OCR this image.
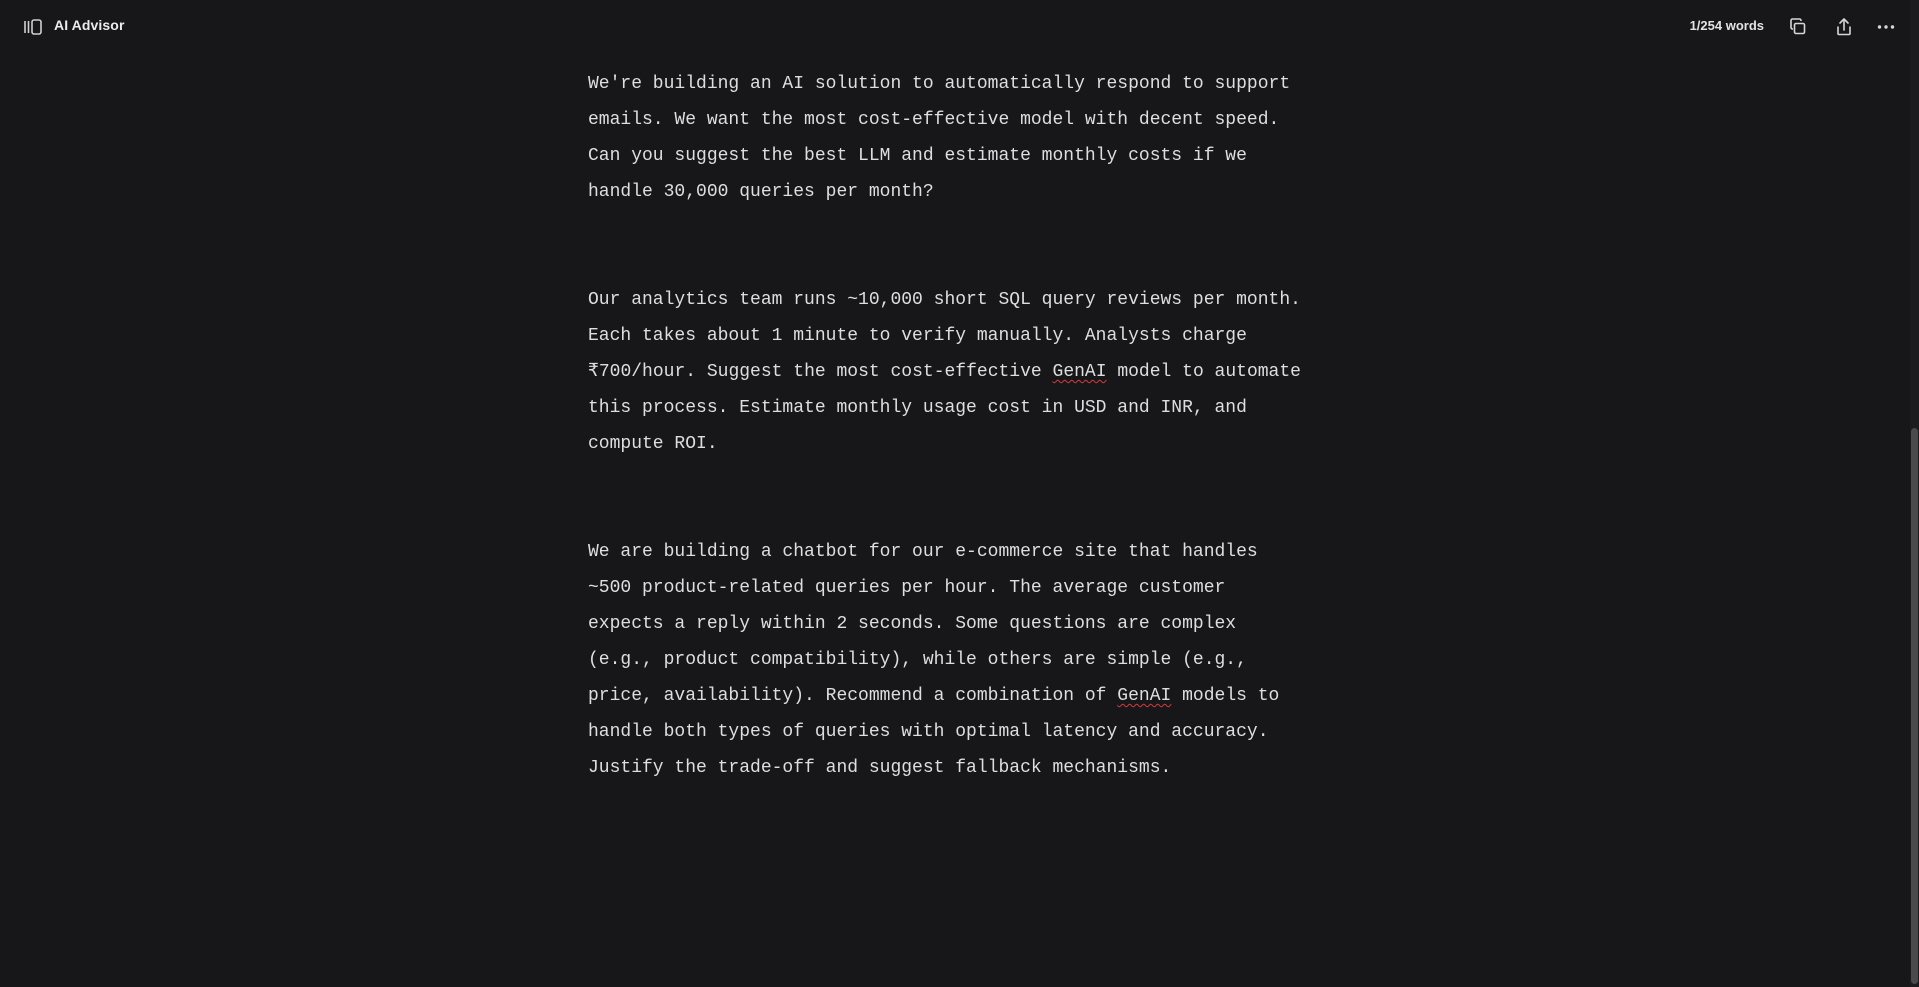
AI Advisor	1/254 words

We're building an AI solution to automatically respond to support
emails. We want the most cost-effective model with decent speed.
Can you suggest the best LLM and estimate monthly costs if we
handle 30,000 queries per month?

Our analytics team runs ~10,000 short SQL query reviews per month.
Each takes about 1 minute to verify manually. Analysts charge
₹700/hour. Suggest the most cost-effective GenAI model to automate
this process. Estimate monthly usage cost in USD and INR, and
compute ROI.

We are building a chatbot for our e-commerce site that handles
~500 product-related queries per hour. The average customer
expects a reply within 2 seconds. Some questions are complex
(e.g., product compatibility), while others are simple (e.g.,
price, availability). Recommend a combination of GenAI models to
handle both types of queries with optimal latency and accuracy.
Justify the trade-off and suggest fallback mechanisms.
